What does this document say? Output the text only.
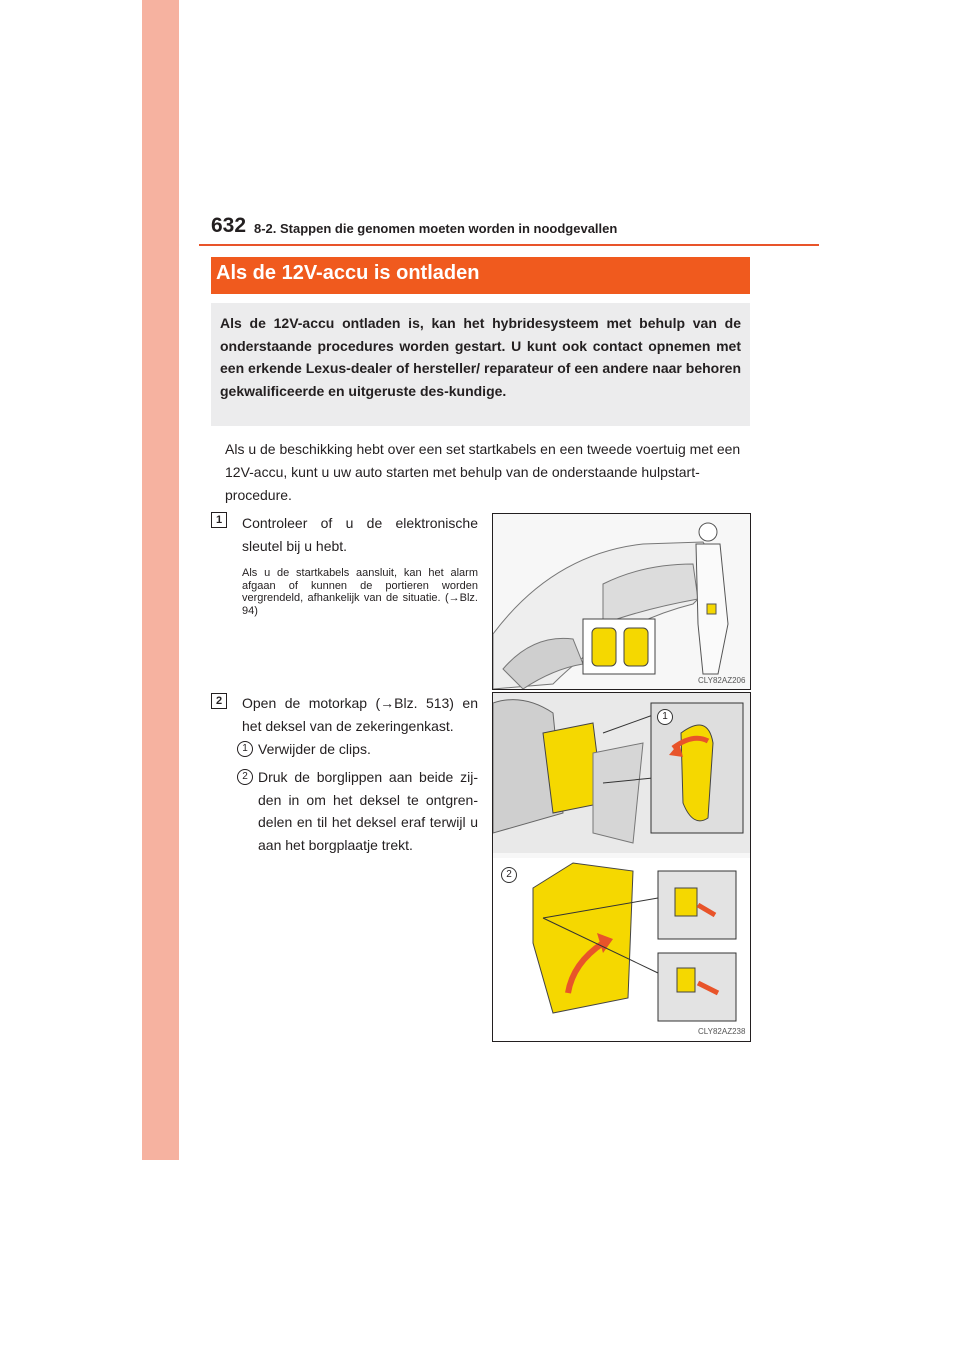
632 8-2. Stappen die genomen moeten worden in noodgevallen
Als de 12V-accu is ontladen

Als de 12V-accu ontladen is, kan het hybridesysteem met behulp van de onderstaande procedures worden gestart. U kunt ook contact opnemen met een erkende Lexus-dealer of hersteller/ reparateur of een andere naar behoren gekwalificeerde en uitgeruste des-kundige.

Als u de beschikking hebt over een set startkabels en een tweede voertuig met een 12V-accu, kunt u uw auto starten met behulp van de onderstaande hulpstart-procedure.

1	Controleer of u de elektronische sleutel bij u hebt.

Als u de startkabels aansluit, kan het alarm afgaan of kunnen de portieren worden vergrendeld, afhankelijk van de situatie. (→Blz. 94)

CLY82AZ206
2	Open de motorkap (→Blz. 513) en het deksel van de zekeringenkast.

1 Verwijder de clips.

2 Druk de borglippen aan beide zij-den in om het deksel te ontgren-delen en til het deksel eraf terwijl u aan het borgplaatje trekt.

1
2
CLY82AZ238
